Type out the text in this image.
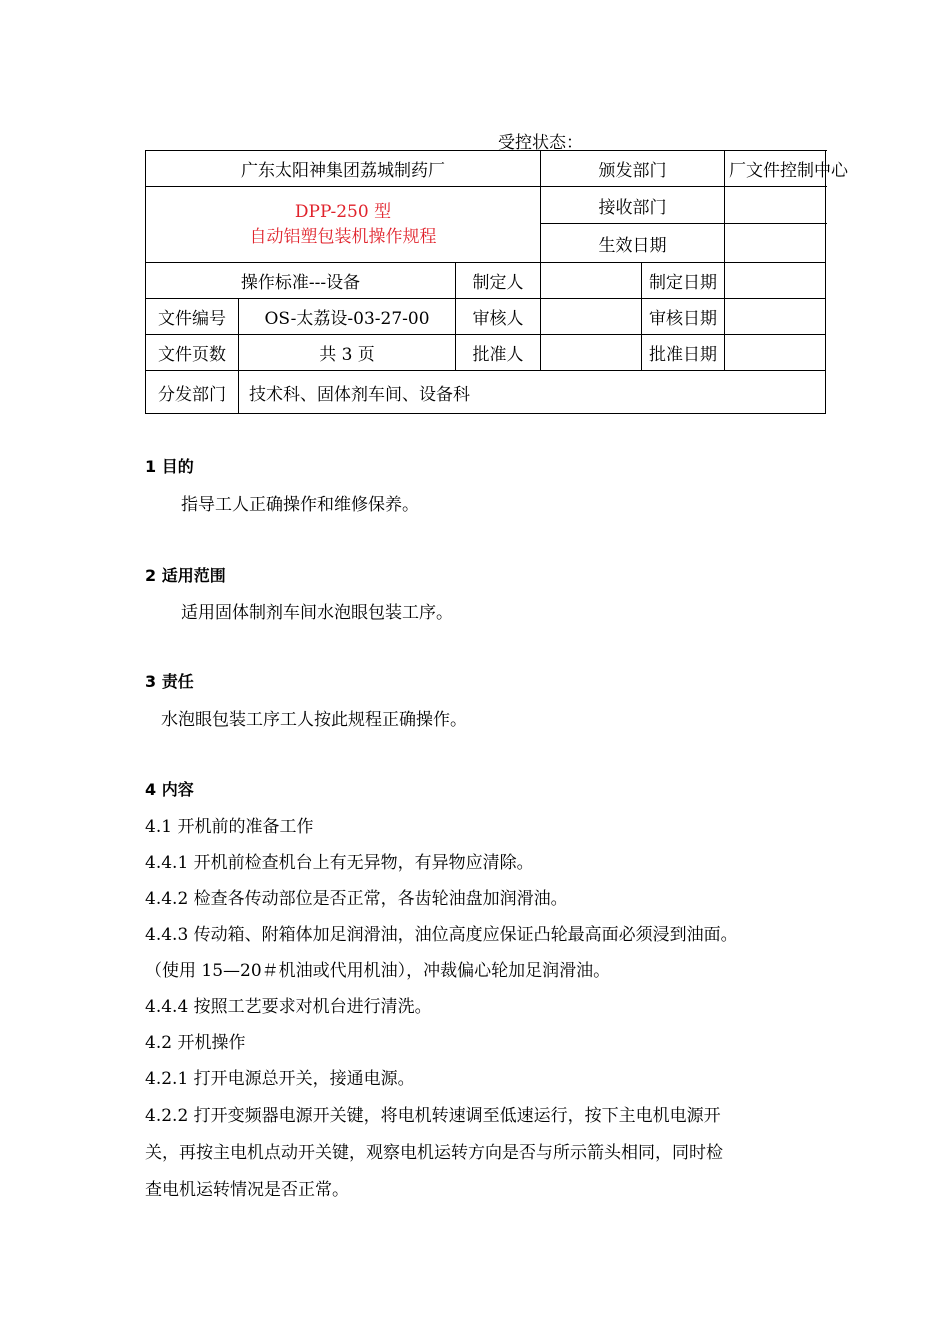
受控状态：
广东太阳神集团荔城制药厂			颁发部门		厂文件控制中心

DPP-250 型
自动铝塑包装机操作规程			接收部门		
			生效日期		
操作标准---设备		制定人		制定日期	
文件编号	OS-太荔设-03-27-00	审核人		审核日期	
文件页数	共 3 页	批准人		批准日期	
分发部门	技术科、固体剂车间、设备科				
1 目的
指导工人正确操作和维修保养。
2 适用范围
适用固体制剂车间水泡眼包装工序。
3 责任
水泡眼包装工序工人按此规程正确操作。
4 内容
4.1 开机前的准备工作
4.4.1 开机前检查机台上有无异物，有异物应清除。
4.4.2 检查各传动部位是否正常，各齿轮油盘加润滑油。
4.4.3 传动箱、附箱体加足润滑油，油位高度应保证凸轮最高面必须浸到油面。
（使用 15—20＃机油或代用机油），冲裁偏心轮加足润滑油。
4.4.4 按照工艺要求对机台进行清洗。
4.2 开机操作
4.2.1 打开电源总开关，接通电源。
4.2.2 打开变频器电源开关键，将电机转速调至低速运行，按下主电机电源开
关，再按主电机点动开关键，观察电机运转方向是否与所示箭头相同，同时检
查电机运转情况是否正常。
